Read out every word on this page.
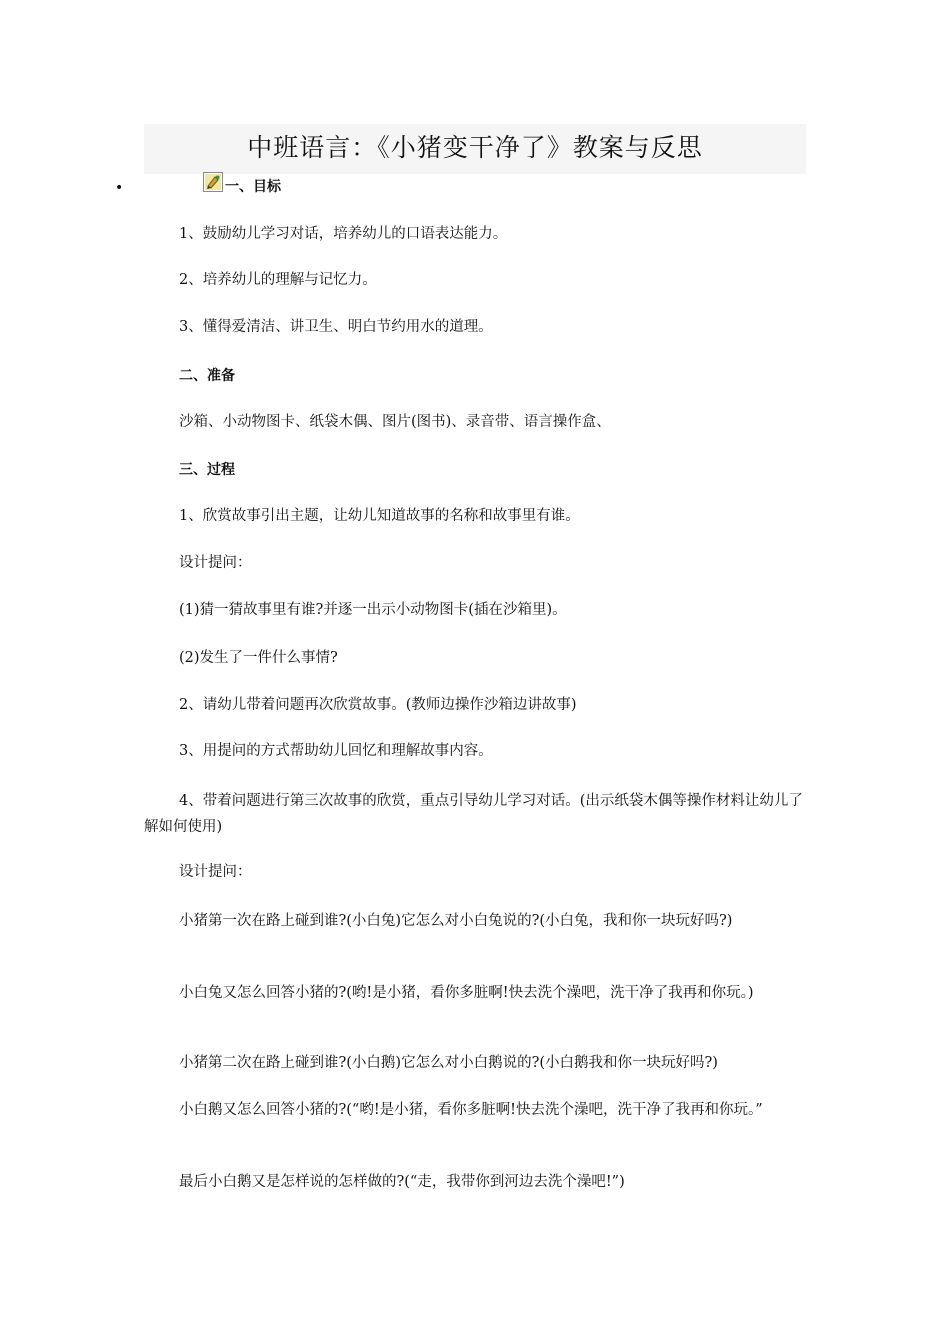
中班语言：《小猪变干净了》教案与反思
•	一、目标
1、鼓励幼儿学习对话，培养幼儿的口语表达能力。
2、培养幼儿的理解与记忆力。
3、懂得爱清洁、讲卫生、明白节约用水的道理。
二、准备
沙箱、小动物图卡、纸袋木偶、图片(图书)、录音带、语言操作盒、
三、过程
1、欣赏故事引出主题，让幼儿知道故事的名称和故事里有谁。
设计提问：
(1)猜一猜故事里有谁?并逐一出示小动物图卡(插在沙箱里)。
(2)发生了一件什么事情?
2、请幼儿带着问题再次欣赏故事。(教师边操作沙箱边讲故事)
3、用提问的方式帮助幼儿回忆和理解故事内容。
4、带着问题进行第三次故事的欣赏，重点引导幼儿学习对话。(出示纸袋木偶等操作材料让幼儿了解如何使用)
设计提问：
小猪第一次在路上碰到谁?(小白兔)它怎么对小白兔说的?(小白兔，我和你一块玩好吗?)
小白兔又怎么回答小猪的?(哟!是小猪，看你多脏啊!快去洗个澡吧，洗干净了我再和你玩。)
小猪第二次在路上碰到谁?(小白鹅)它怎么对小白鹅说的?(小白鹅我和你一块玩好吗?)
小白鹅又怎么回答小猪的?(“哟!是小猪，看你多脏啊!快去洗个澡吧，洗干净了我再和你玩。”
最后小白鹅又是怎样说的怎样做的?(“走，我带你到河边去洗个澡吧!”)
